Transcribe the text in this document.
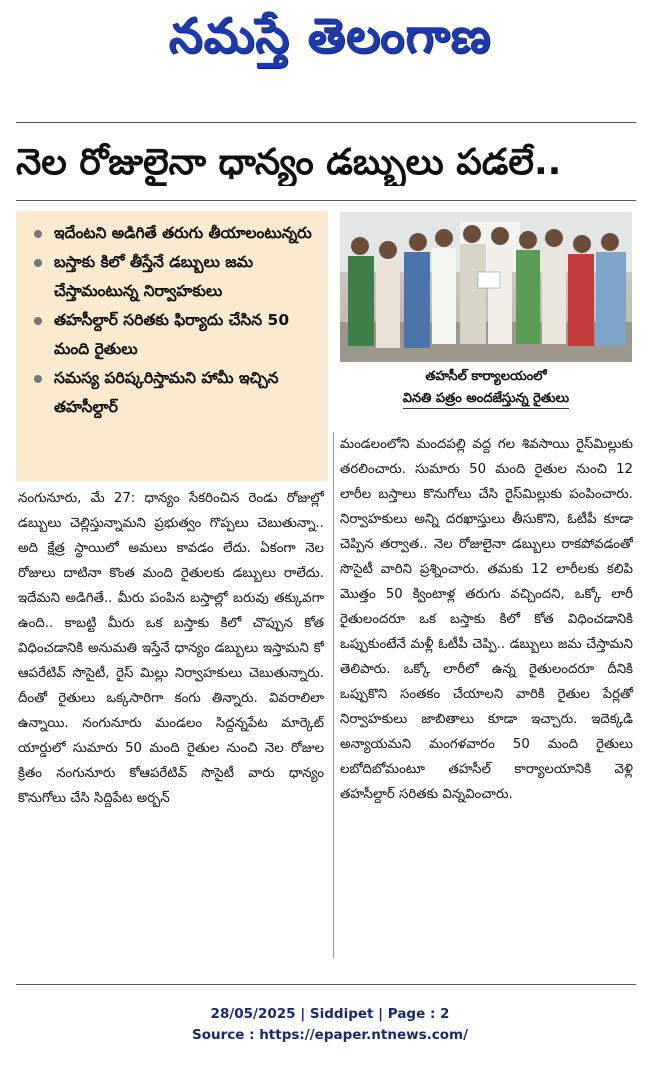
నమస్తే తెలంగాణ
నెల రోజులైనా ధాన్యం డబ్బులు పడలే..
ఇదేంటని అడిగితే తరుగు తీయాలంటున్నరు
బస్తాకు కిలో తీస్తేనే డబ్బులు జమ చేస్తామంటున్న నిర్వాహకులు
తహసీల్దార్ సరితకు ఫిర్యాదు చేసిన 50 మంది రైతులు
సమస్య పరిష్కరిస్తామని హామీ ఇచ్చిన తహసీల్దార్
తహసీల్ కార్యాలయంలో
వినతి పత్రం అందజేస్తున్న రైతులు
నంగునూరు, మే 27: ధాన్యం సేకరించిన రెండు రోజుల్లో డబ్బులు చెల్లిస్తున్నామని ప్రభుత్వం గొప్పలు చెబుతున్నా.. అది క్షేత్ర స్థాయిలో అమలు కావడం లేదు. ఏకంగా నెల రోజులు దాటినా కొంత మంది రైతులకు డబ్బులు రాలేదు. ఇదేమని అడిగితే.. మీరు పంపిన బస్తాల్లో బరువు తక్కువగా ఉంది.. కాబట్టి మీరు ఒక బస్తాకు కిలో చొప్పున కోత విధించడానికి అనుమతి ఇస్తేనే ధాన్యం డబ్బులు ఇస్తామని కో ఆపరేటివ్ సొసైటీ, రైస్ మిల్లు నిర్వాహకులు చెబుతున్నారు. దీంతో రైతులు ఒక్కసారిగా కంగు తిన్నారు. వివరాలిలా ఉన్నాయి. నంగునూరు మండలం సిద్దన్నపేట మార్కెట్ యార్డులో సుమారు 50 మంది రైతుల నుంచి నెల రోజుల క్రితం నంగునూరు కోఆపరేటివ్ సొసైటీ వారు ధాన్యం కొనుగోలు చేసి సిద్దిపేట అర్బన్
మండలంలోని మందపల్లి వద్ద గల శివసాయి రైస్‌మిల్లుకు తరలించారు. సుమారు 50 మంది రైతుల నుంచి 12 లారీల బస్తాలు కొనుగోలు చేసి రైస్‌మిల్లుకు పంపించారు. నిర్వాహకులు అన్ని దరఖాస్తులు తీసుకొని, ఓటీపీ కూడా చెప్పిన తర్వాత.. నెల రోజులైనా డబ్బులు రాకపోవడంతో సొసైటీ వారిని ప్రశ్నించారు. తమకు 12 లారీలకు కలిపి మొత్తం 50 క్వింటాళ్ల తరుగు వచ్చిందని, ఒక్కో లారీ రైతులందరూ ఒక బస్తాకు కిలో కోత విధించడానికి ఒప్పుకుంటేనే మళ్లీ ఓటీపీ చెప్పి.. డబ్బులు జమ చేస్తామని తెలిపారు. ఒక్కో లారీలో ఉన్న రైతులందరూ దీనికి ఒప్పుకొని సంతకం చేయాలని వారికి రైతుల పేర్లతో నిర్వాహకులు జాబితాలు కూడా ఇచ్చారు. ఇదెక్కడి అన్యాయమని మంగళవారం 50 మంది రైతులు లబోదిబోమంటూ తహసీల్ కార్యాలయానికి వెళ్లి తహసీల్దార్ సరితకు విన్నవించారు.
28/05/2025 | Siddipet | Page : 2
Source : https://epaper.ntnews.com/
